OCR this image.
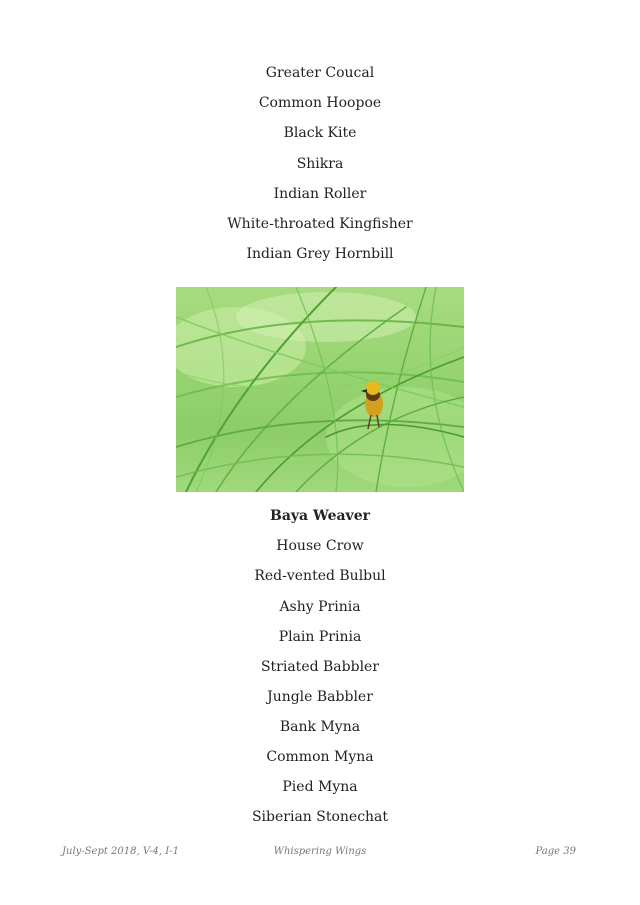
Greater Coucal
Common Hoopoe
Black Kite
Shikra
Indian Roller
White-throated Kingfisher
Indian Grey Hornbill
Baya Weaver
House Crow
Red-vented Bulbul
Ashy Prinia
Plain Prinia
Striated Babbler
Jungle Babbler
Bank Myna
Common Myna
Pied Myna
Siberian Stonechat
July-Sept 2018, V-4, I-1	Whispering Wings	Page 39
